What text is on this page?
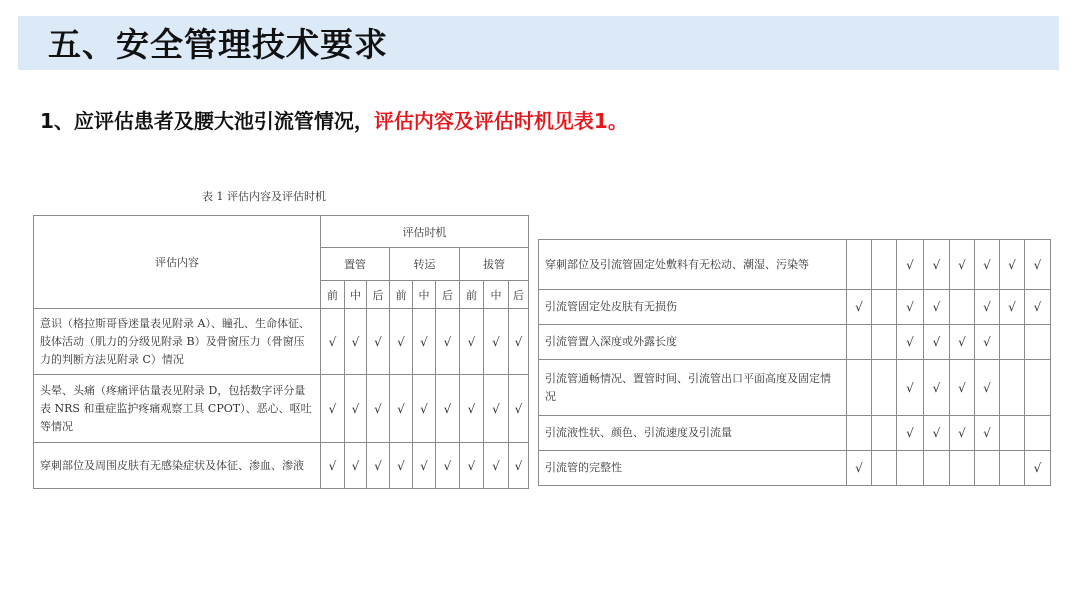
五、安全管理技术要求
1、应评估患者及腰大池引流管情况，评估内容及评估时机见表1。
表 1 评估内容及评估时机
评估内容	评估时机								
	置管			转运			拔管		
	前	中	后	前	中	后	前	中	后
意识（格拉斯哥昏迷量表见附录 A）、瞳孔、生命体征、肢体活动（肌力的分级见附录 B）及骨窗压力（骨窗压力的判断方法见附录 C）情况	√	√	√	√	√	√	√	√	√
头晕、头痛（疼痛评估量表见附录 D，包括数字评分量表 NRS 和重症监护疼痛观察工具 CPOT）、恶心、呕吐等情况	√	√	√	√	√	√	√	√	√
穿刺部位及周围皮肤有无感染症状及体征、渗血、渗液	√	√	√	√	√	√	√	√	√
穿刺部位及引流管固定处敷料有无松动、潮湿、污染等			√	√	√	√	√	√
引流管固定处皮肤有无损伤	√		√	√		√	√	√
引流管置入深度或外露长度			√	√	√	√		
引流管通畅情况、置管时间、引流管出口平面高度及固定情况			√	√	√	√		
引流液性状、颜色、引流速度及引流量			√	√	√	√		
引流管的完整性	√							√
